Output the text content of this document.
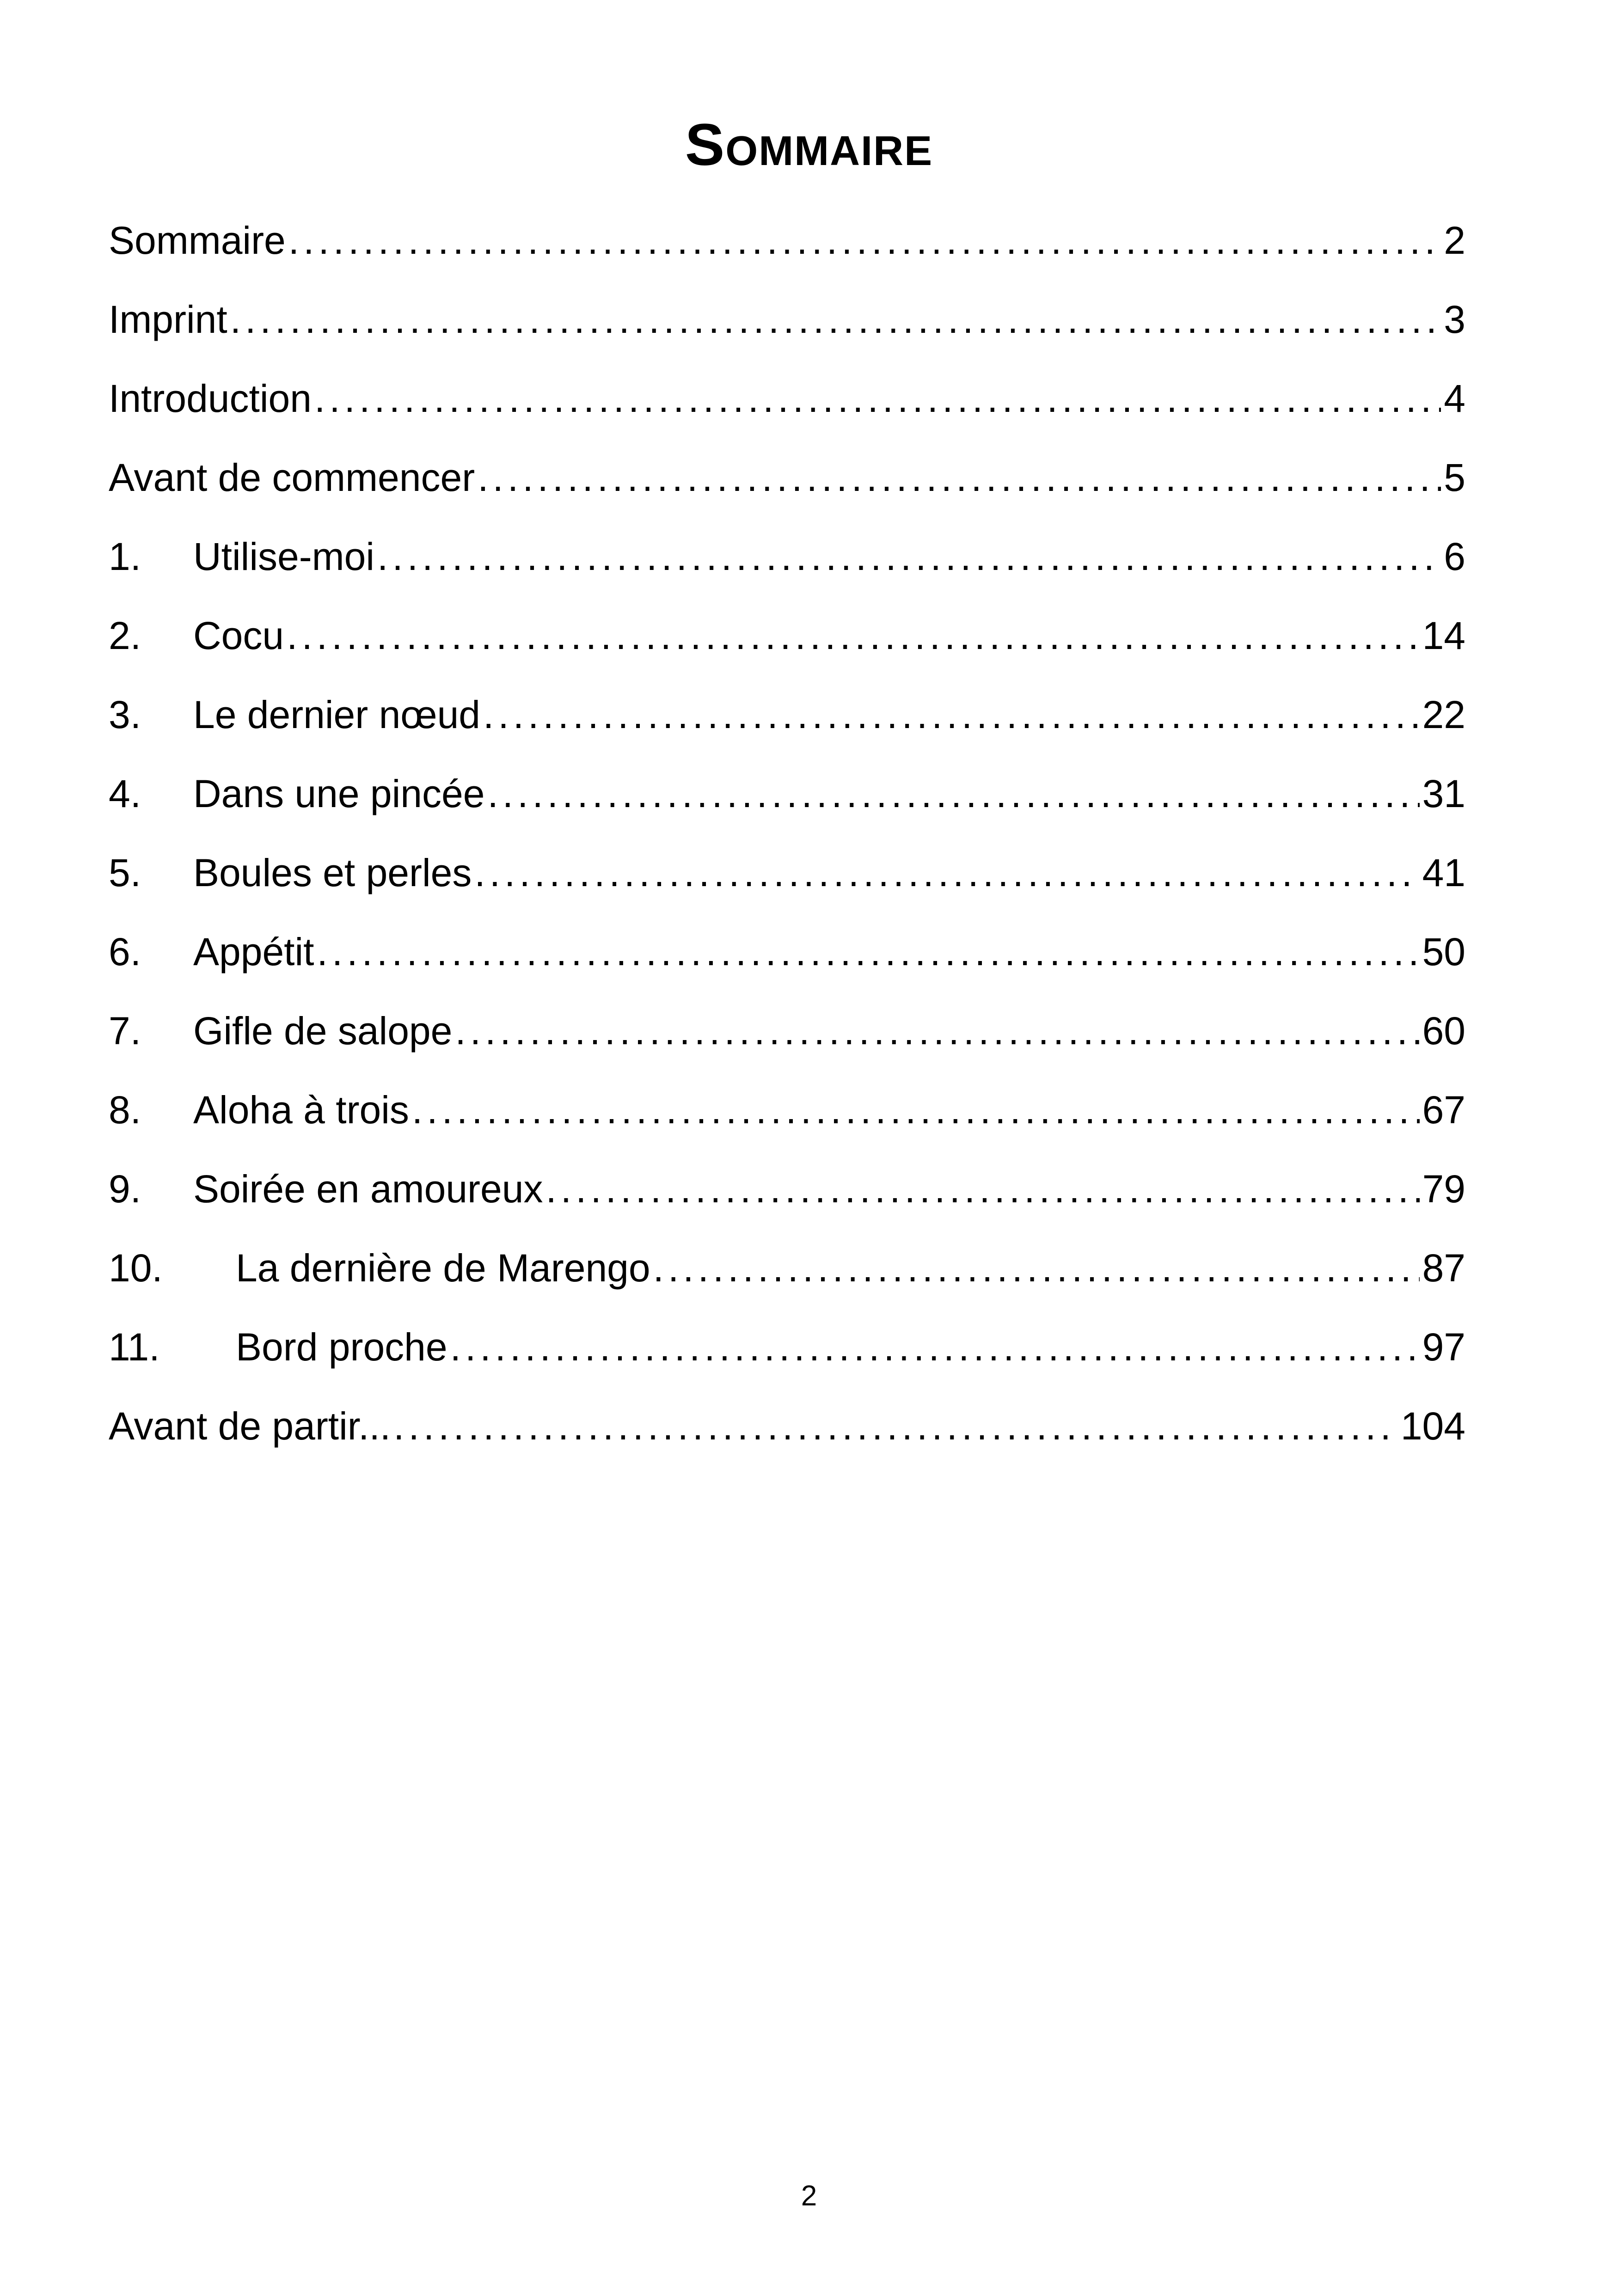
Sommaire
Sommaire .....	2
Imprint .....	3
Introduction .....	4
Avant de commencer .....	5
1.	Utilise-moi .....	6
2.	Cocu .....	14
3.	Le dernier nœud .....	22
4.	Dans une pincée .....	31
5.	Boules et perles .....	41
6.	Appétit .....	50
7.	Gifle de salope .....	60
8.	Aloha à trois .....	67
9.	Soirée en amoureux .....	79
10.	La dernière de Marengo .....	87
11.	Bord proche .....	97
Avant de partir... .....	104
2
